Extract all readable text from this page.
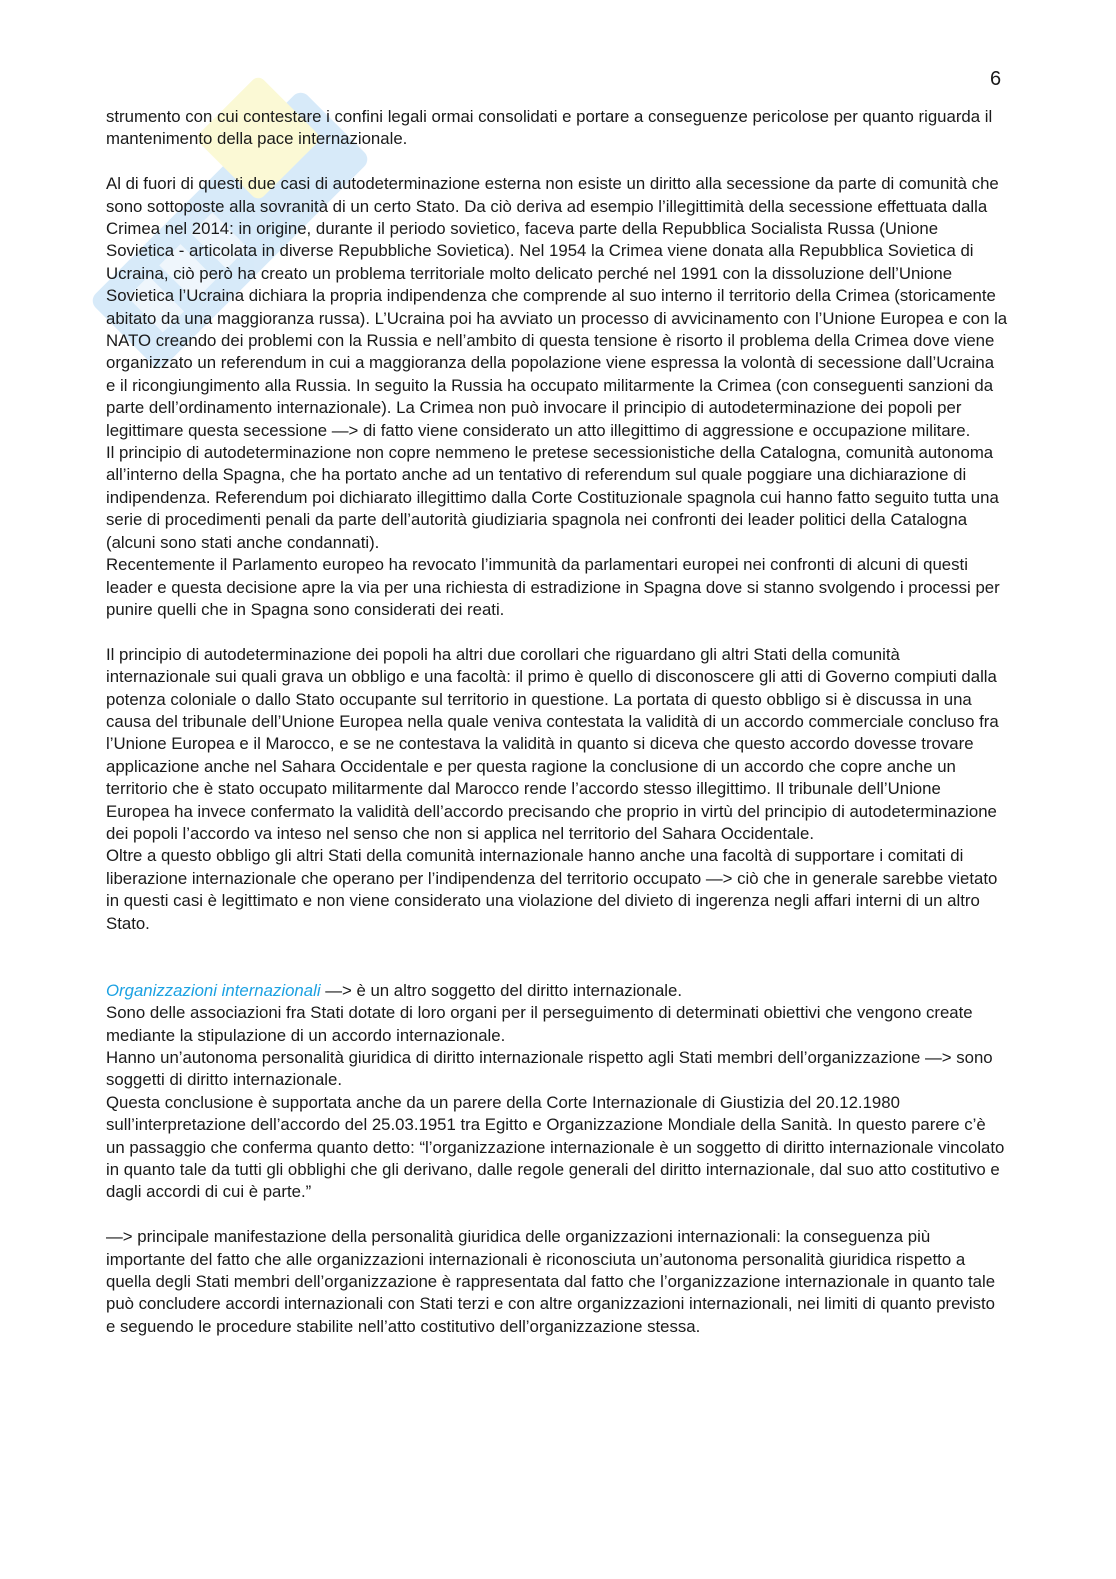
6

strumento con cui contestare i confini legali ormai consolidati e portare a conseguenze pericolose per quanto riguarda il mantenimento della pace internazionale.

Al di fuori di questi due casi di autodeterminazione esterna non esiste un diritto alla secessione da parte di comunità che sono sottoposte alla sovranità di un certo Stato. Da ciò deriva ad esempio l’illegittimità della secessione effettuata dalla Crimea nel 2014: in origine, durante il periodo sovietico, faceva parte della Repubblica Socialista Russa (Unione Sovietica - articolata in diverse Repubbliche Sovietica). Nel 1954 la Crimea viene donata alla Repubblica Sovietica di Ucraina, ciò però ha creato un problema territoriale molto delicato perché nel 1991 con la dissoluzione dell’Unione Sovietica l’Ucraina dichiara la propria indipendenza che comprende al suo interno il territorio della Crimea (storicamente abitato da una maggioranza russa). L’Ucraina poi ha avviato un processo di avvicinamento con l’Unione Europea e con la NATO creando dei problemi con la Russia e nell’ambito di questa tensione è risorto il problema della Crimea dove viene organizzato un referendum in cui a maggioranza della popolazione viene espressa la volontà di secessione dall’Ucraina e il ricongiungimento alla Russia. In seguito la Russia ha occupato militarmente la Crimea (con conseguenti sanzioni da parte dell’ordinamento internazionale). La Crimea non può invocare il principio di autodeterminazione dei popoli per legittimare questa secessione —> di fatto viene considerato un atto illegittimo di aggressione e occupazione militare.

Il principio di autodeterminazione non copre nemmeno le pretese secessionistiche della Catalogna, comunità autonoma all’interno della Spagna, che ha portato anche ad un tentativo di referendum sul quale poggiare una dichiarazione di indipendenza. Referendum poi dichiarato illegittimo dalla Corte Costituzionale spagnola cui hanno fatto seguito tutta una serie di procedimenti penali da parte dell’autorità giudiziaria spagnola nei confronti dei leader politici della Catalogna (alcuni sono stati anche condannati).

Recentemente il Parlamento europeo ha revocato l’immunità da parlamentari europei nei confronti di alcuni di questi leader e questa decisione apre la via per una richiesta di estradizione in Spagna dove si stanno svolgendo i processi per punire quelli che in Spagna sono considerati dei reati.

Il principio di autodeterminazione dei popoli ha altri due corollari che riguardano gli altri Stati della comunità internazionale sui quali grava un obbligo e una facoltà: il primo è quello di disconoscere gli atti di Governo compiuti dalla potenza coloniale o dallo Stato occupante sul territorio in questione. La portata di questo obbligo si è discussa in una causa del tribunale dell’Unione Europea nella quale veniva contestata la validità di un accordo commerciale concluso fra l’Unione Europea e il Marocco, e se ne contestava la validità in quanto si diceva che questo accordo dovesse trovare applicazione anche nel Sahara Occidentale e per questa ragione la conclusione di un accordo che copre anche un territorio che è stato occupato militarmente dal Marocco rende l’accordo stesso illegittimo. Il tribunale dell’Unione Europea ha invece confermato la validità dell’accordo precisando che proprio in virtù del principio di autodeterminazione dei popoli l’accordo va inteso nel senso che non si applica nel territorio del Sahara Occidentale.

Oltre a questo obbligo gli altri Stati della comunità internazionale hanno anche una facoltà di supportare i comitati di liberazione internazionale che operano per l’indipendenza del territorio occupato —> ciò che in generale sarebbe vietato in questi casi è legittimato e non viene considerato una violazione del divieto di ingerenza negli affari interni di un altro Stato.

Organizzazioni internazionali —> è un altro soggetto del diritto internazionale.

Sono delle associazioni fra Stati dotate di loro organi per il perseguimento di determinati obiettivi che vengono create mediante la stipulazione di un accordo internazionale.

Hanno un’autonoma personalità giuridica di diritto internazionale rispetto agli Stati membri dell’organizzazione —> sono soggetti di diritto internazionale.

Questa conclusione è supportata anche da un parere della Corte Internazionale di Giustizia del 20.12.1980 sull’interpretazione dell’accordo del 25.03.1951 tra Egitto e Organizzazione Mondiale della Sanità. In questo parere c’è un passaggio che conferma quanto detto: “l’organizzazione internazionale è un soggetto di diritto internazionale vincolato in quanto tale da tutti gli obblighi che gli derivano, dalle regole generali del diritto internazionale, dal suo atto costitutivo e dagli accordi di cui è parte.”

—> principale manifestazione della personalità giuridica delle organizzazioni internazionali: la conseguenza più importante del fatto che alle organizzazioni internazionali è riconosciuta un’autonoma personalità giuridica rispetto a quella degli Stati membri dell’organizzazione è rappresentata dal fatto che l’organizzazione internazionale in quanto tale può concludere accordi internazionali con Stati terzi e con altre organizzazioni internazionali, nei limiti di quanto previsto e seguendo le procedure stabilite nell’atto costitutivo dell’organizzazione stessa.
